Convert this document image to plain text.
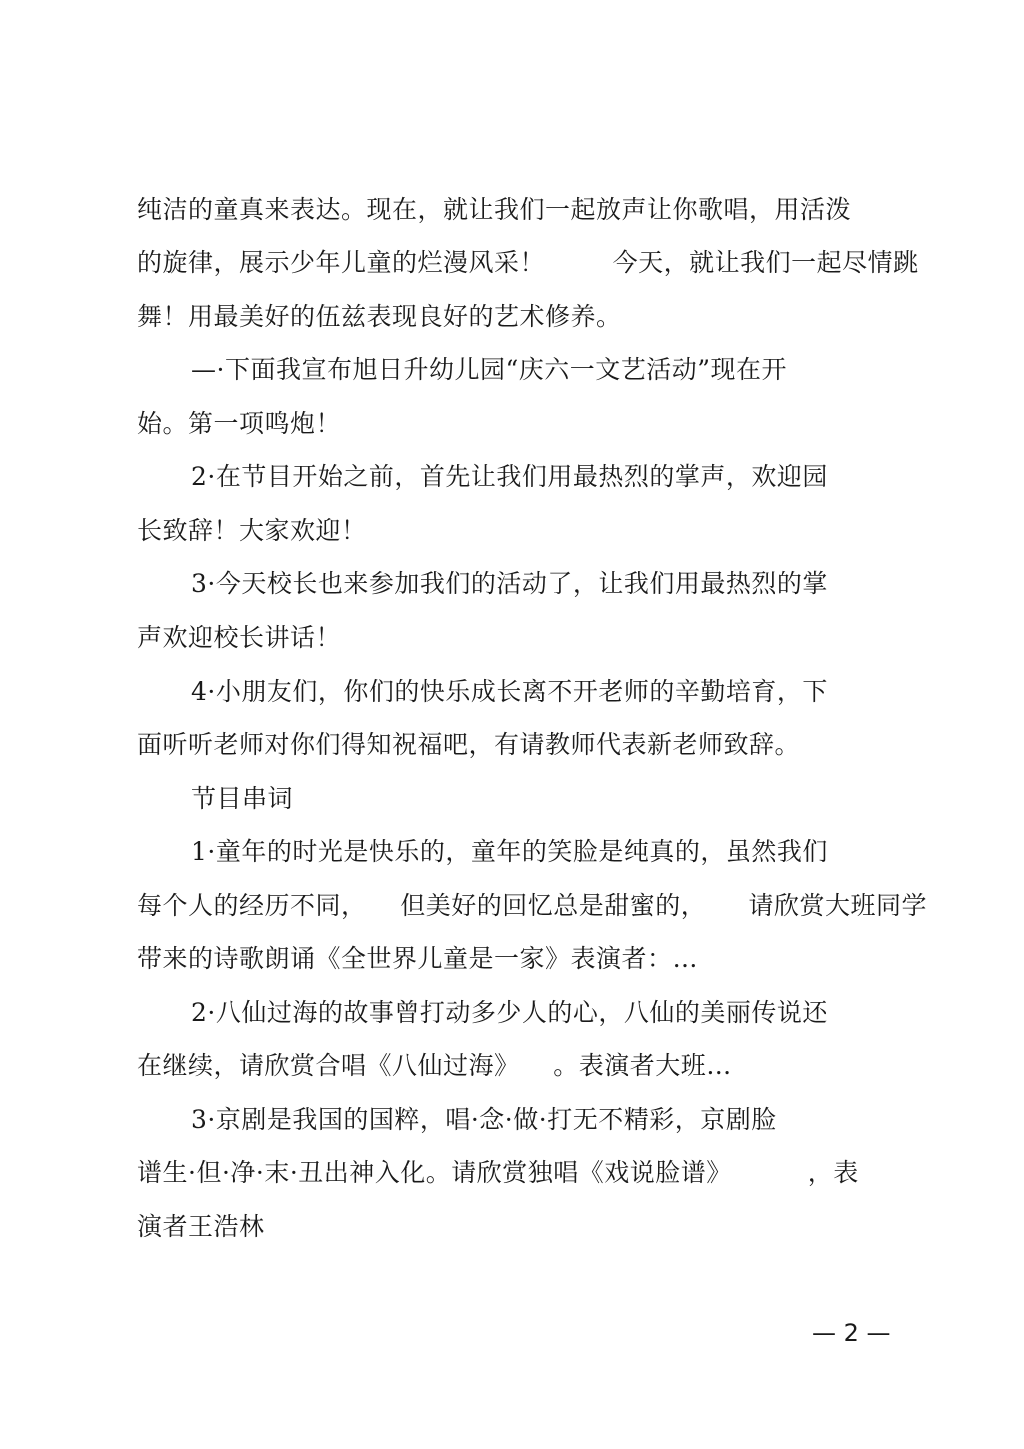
纯洁的童真来表达。现在，就让我们一起放声让你歌唱，用活泼
的旋律，展示少年儿童的烂漫风采！        今天，就让我们一起尽情跳
舞！用最美好的伍兹表现良好的艺术修养。
—·下面我宣布旭日升幼儿园“庆六一文艺活动”现在开
始。第一项鸣炮！
2·在节目开始之前，首先让我们用最热烈的掌声，欢迎园
长致辞！大家欢迎！
3·今天校长也来参加我们的活动了，让我们用最热烈的掌
声欢迎校长讲话！
4·小朋友们，你们的快乐成长离不开老师的辛勤培育，下
面听听老师对你们得知祝福吧，有请教师代表新老师致辞。
节目串词
1·童年的时光是快乐的，童年的笑脸是纯真的，虽然我们
每个人的经历不同，    但美好的回忆总是甜蜜的，     请欣赏大班同学
带来的诗歌朗诵《全世界儿童是一家》表演者：…
2·八仙过海的故事曾打动多少人的心，八仙的美丽传说还
在继续，请欣赏合唱《八仙过海》    。表演者大班…
3·京剧是我国的国粹，唱·念·做·打无不精彩，京剧脸
谱生·但·净·末·丑出神入化。请欣赏独唱《戏说脸谱》         ，表
演者王浩林
— 2 —
